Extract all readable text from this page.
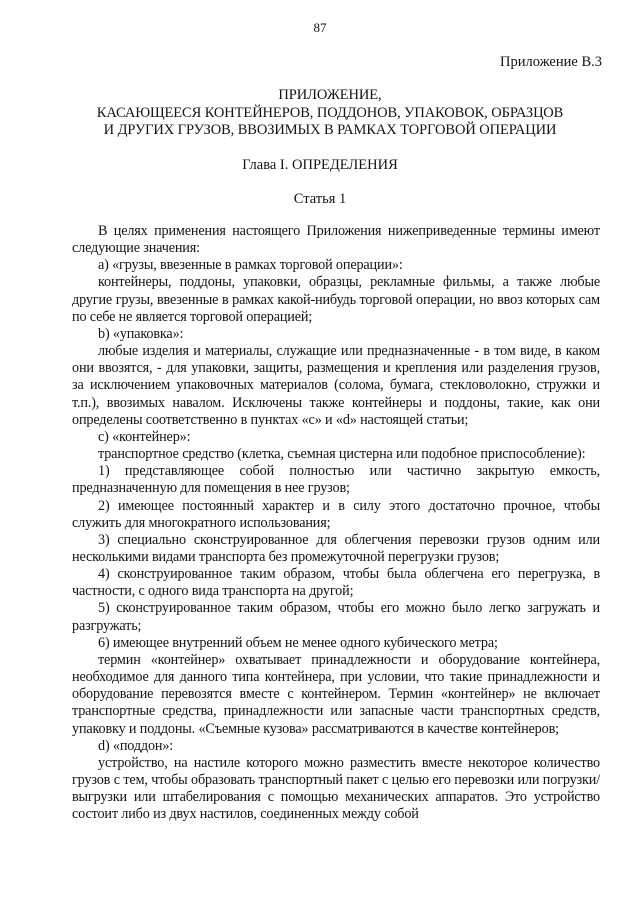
87
Приложение В.3
ПРИЛОЖЕНИЕ,
КАСАЮЩЕЕСЯ КОНТЕЙНЕРОВ, ПОДДОНОВ, УПАКОВОК, ОБРАЗЦОВ
И ДРУГИХ ГРУЗОВ, ВВОЗИМЫХ В РАМКАХ ТОРГОВОЙ ОПЕРАЦИИ
Глава I. ОПРЕДЕЛЕНИЯ
Статья 1

В целях применения настоящего Приложения нижеприведенные термины имеют следующие значения:

a) «грузы, ввезенные в рамках торговой операции»:

контейнеры, поддоны, упаковки, образцы, рекламные фильмы, а также любые другие грузы, ввезенные в рамках какой-нибудь торговой операции, но ввоз которых сам по себе не является торговой операцией;

b) «упаковка»:

любые изделия и материалы, служащие или предназначенные - в том виде, в каком они ввозятся, - для упаковки, защиты, размещения и крепления или разделения грузов, за исключением упаковочных материалов (солома, бумага, стекловолокно, стружки и т.п.), ввозимых навалом. Исключены также контейнеры и поддоны, такие, как они определены соответственно в пунктах «c» и «d» настоящей статьи;

c) «контейнер»:

транспортное средство (клетка, съемная цистерна или подобное приспособление):

1) представляющее собой полностью или частично закрытую емкость, предназначенную для помещения в нее грузов;

2) имеющее постоянный характер и в силу этого достаточно прочное, чтобы служить для многократного использования;

3) специально сконструированное для облегчения перевозки грузов одним или несколькими видами транспорта без промежуточной перегрузки грузов;

4) сконструированное таким образом, чтобы была облегчена его перегрузка, в частности, с одного вида транспорта на другой;

5) сконструированное таким образом, чтобы его можно было легко загружать и разгружать;

6) имеющее внутренний объем не менее одного кубического метра;

термин «контейнер» охватывает принадлежности и оборудование контейнера, необходимое для данного типа контейнера, при условии, что такие принадлежности и оборудование перевозятся вместе с контейнером. Термин «контейнер» не включает транспортные средства, принадлежности или запасные части транспортных средств, упаковку и поддоны. «Съемные кузова» рассматриваются в качестве контейнеров;

d) «поддон»:

устройство, на настиле которого можно разместить вместе некоторое количество грузов с тем, чтобы образовать транспортный пакет с целью его перевозки или погрузки/выгрузки или штабелирования с помощью механических аппаратов. Это устройство состоит либо из двух настилов, соединенных между собой
